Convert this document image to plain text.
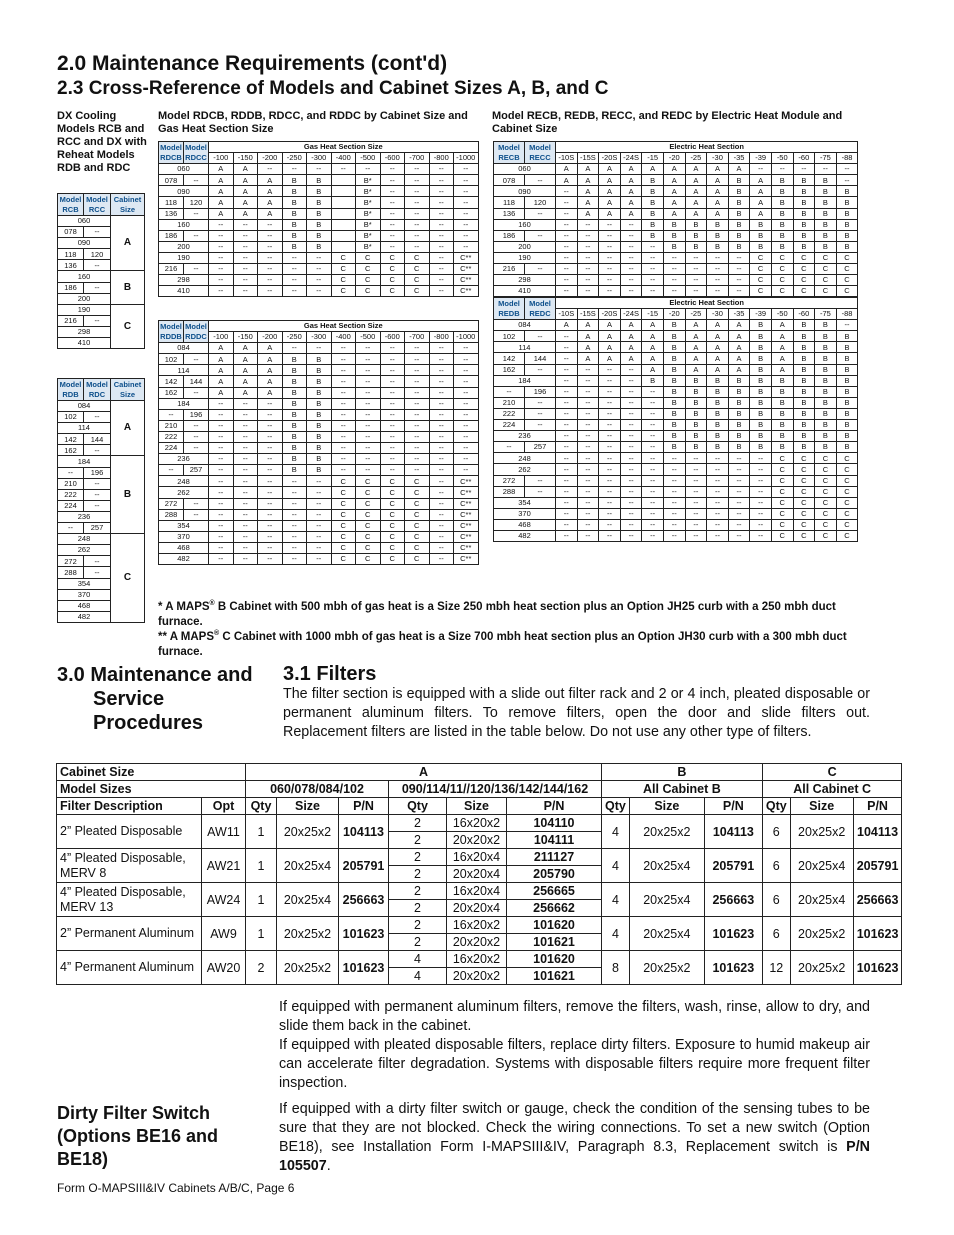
2.0 Maintenance Requirements (cont'd)
2.3 Cross-Reference of Models and Cabinet Sizes A, B, and C
DX Cooling Models RCB and RCC and DX with Reheat Models RDB and RDC
Model RDCB, RDDB, RDCC, and RDDC by Cabinet Size and Gas Heat Section Size
Model RECB, REDB, RECC, and REDC by Electric Heat Module and Cabinet Size
Model RCB	Model RCC	Cabinet Size
060		A
078	--	
090		
118	120	
136	--	
160		B
186	--	
200		
190		C
216	--	
298		
410		
Model RDB	Model RDC	Cabinet Size
084		A
102	--	
114		
142	144	
162	--	
184		B
--	196	
210	--	
222	--	
224	--	
236		
--	257	
248		C
262		
272	--	
288	--	
354		
370		
468		
482		
Model RDCB	Model RDCC	Gas Heat Section Size										
		-100	-150	-200	-250	-300	-400	-500	-600	-700	-800	-1000
060		A	A	--	--	--	--	--	--	--	--	--
078	--	A	A	A	B	B		B*	--	--	--	--
090		A	A	A	B	B		B*	--	--	--	--
118	120	A	A	A	B	B		B*	--	--	--	--
136	--	A	A	A	B	B		B*	--	--	--	--
160		--	--	--	B	B		B*	--	--	--	--
186	--	--	--	--	B	B		B*	--	--	--	--
200		--	--	--	B	B		B*	--	--	--	--
190		--	--	--	--	--	C	C	C	C	--	C**
216	--	--	--	--	--	--	C	C	C	C	--	C**
298		--	--	--	--	--	C	C	C	C	--	C**
410		--	--	--	--	--	C	C	C	C	--	C**
Model RDDB	Model RDDC	Gas Heat Section Size										
		-100	-150	-200	-250	-300	-400	-500	-600	-700	-800	-1000
084		A	A	A	--	--	--	--	--	--	--	--
102	--	A	A	A	B	B	--	--	--	--	--	--
114		A	A	A	B	B	--	--	--	--	--	--
142	144	A	A	A	B	B	--	--	--	--	--	--
162	--	A	A	A	B	B	--	--	--	--	--	--
184		--	--	--	B	B	--	--	--	--	--	--
--	196	--	--	--	B	B	--	--	--	--	--	--
210	--	--	--	--	B	B	--	--	--	--	--	--
222	--	--	--	--	B	B	--	--	--	--	--	--
224	--	--	--	--	B	B	--	--	--	--	--	--
236		--	--	--	B	B	--	--	--	--	--	--
--	257	--	--	--	B	B	--	--	--	--	--	--
248		--	--	--	--	--	C	C	C	C	--	C**
262		--	--	--	--	--	C	C	C	C	--	C**
272	--	--	--	--	--	--	C	C	C	C	--	C**
288	--	--	--	--	--	--	C	C	C	C	--	C**
354		--	--	--	--	--	C	C	C	C	--	C**
370		--	--	--	--	--	C	C	C	C	--	C**
468		--	--	--	--	--	C	C	C	C	--	C**
482		--	--	--	--	--	C	C	C	C	--	C**
Model RECB	Model RECC	Electric Heat Section													
		-10S	-15S	-20S	-24S	-15	-20	-25	-30	-35	-39	-50	-60	-75	-88
060		A	A	A	A	A	A	A	A	A	--	--	--	--	--
078	--	A	A	A	A	B	A	A	A	B	A	B	B	B	--
090		--	A	A	A	B	A	A	A	B	A	B	B	B	B
118	120	--	A	A	A	B	A	A	A	B	A	B	B	B	B
136	--	--	A	A	A	B	A	A	A	B	A	B	B	B	B
160		--	--	--	--	B	B	B	B	B	B	B	B	B	B
186	--	--	--	--	--	B	B	B	B	B	B	B	B	B	B
200		--	--	--	--	--	B	B	B	B	B	B	B	B	B
190		--	--	--	--	--	--	--	--	--	C	C	C	C	C
216	--	--	--	--	--	--	--	--	--	--	C	C	C	C	C
298		--	--	--	--	--	--	--	--	--	C	C	C	C	C
410		--	--	--	--	--	--	--	--	--	C	C	C	C	C
Model REDB	Model REDC	Electric Heat Section													
		-10S	-15S	-20S	-24S	-15	-20	-25	-30	-35	-39	-50	-60	-75	-88
084		A	A	A	A	A	B	A	A	A	B	A	B	B	--
102	--	--	A	A	A	A	B	A	A	A	B	A	B	B	B
114		--	A	A	A	A	B	A	A	A	B	A	B	B	B
142	144	--	A	A	A	A	B	A	A	A	B	A	B	B	B
162	--	--	--	--	--	A	B	A	A	A	B	A	B	B	B
184		--	--	--	--	B	B	B	B	B	B	B	B	B	B
--	196	--	--	--	--	--	B	B	B	B	B	B	B	B	B
210	--	--	--	--	--	--	B	B	B	B	B	B	B	B	B
222	--	--	--	--	--	--	B	B	B	B	B	B	B	B	B
224	--	--	--	--	--	--	B	B	B	B	B	B	B	B	B
236		--	--	--	--	--	B	B	B	B	B	B	B	B	B
--	257	--	--	--	--	--	B	B	B	B	B	B	B	B	B
248		--	--	--	--	--	--	--	--	--	--	C	C	C	C
262		--	--	--	--	--	--	--	--	--	--	C	C	C	C
272	--	--	--	--	--	--	--	--	--	--	--	C	C	C	C
288	--	--	--	--	--	--	--	--	--	--	--	C	C	C	C
354		--	--	--	--	--	--	--	--	--	--	C	C	C	C
370		--	--	--	--	--	--	--	--	--	--	C	C	C	C
468		--	--	--	--	--	--	--	--	--	--	C	C	C	C
482		--	--	--	--	--	--	--	--	--	--	C	C	C	C
* A MAPS® B Cabinet with 500 mbh of gas heat is a Size 250 mbh heat section plus an Option JH25 curb with a 250 mbh duct furnace.
** A MAPS® C Cabinet with 1000 mbh of gas heat is a Size 700 mbh heat section plus an Option JH30 curb with a 300 mbh duct furnace.
3.0 Maintenance and Service Procedures
3.1 Filters
The filter section is equipped with a slide out filter rack and 2 or 4 inch, pleated disposable or permanent aluminum filters. To remove filters, open the door and slide filters out. Replacement filters are listed in the table below. Do not use any other type of filters.
Cabinet Size		A						B			C		
Model Sizes		060/078/084/102			090/114/11//120/136/142/144/162			All Cabinet B			All Cabinet C		
Filter Description	Opt	Qty	Size	P/N	Qty	Size	P/N	Qty	Size	P/N	Qty	Size	P/N
2” Pleated Disposable	AW11	1	20x25x2	104113	2	16x20x2	104110	4	20x25x2	104113	6	20x25x2	104113
					2	20x20x2	104111						
4” Pleated Disposable, MERV 8	AW21	1	20x25x4	205791	2	16x20x4	211127	4	20x25x4	205791	6	20x25x4	205791
					2	20x20x4	205790						
4” Pleated Disposable, MERV 13	AW24	1	20x25x4	256663	2	16x20x4	256665	4	20x25x4	256663	6	20x25x4	256663
					2	20x20x4	256662						
2” Permanent Aluminum	AW9	1	20x25x2	101623	2	16x20x2	101620	4	20x25x4	101623	6	20x25x2	101623
					2	20x20x2	101621						
4” Permanent Aluminum	AW20	2	20x25x2	101623	4	16x20x2	101620	8	20x25x2	101623	12	20x25x2	101623
					4	20x20x2	101621						
If equipped with permanent aluminum filters, remove the filters, wash, rinse, allow to dry, and slide them back in the cabinet.
If equipped with pleated disposable filters, replace dirty filters. Exposure to humid makeup air can accelerate filter degradation. Systems with disposable filters require more frequent filter inspection.
Dirty Filter Switch (Options BE16 and BE18)
If equipped with a dirty filter switch or gauge, check the condition of the sensing tubes to be sure that they are not blocked. Check the wiring connections. To set a new switch (Option BE18), see Installation Form I-MAPSIII&IV, Paragraph 8.3, Replacement switch is P/N 105507.
Form O-MAPSIII&IV Cabinets A/B/C, Page 6
